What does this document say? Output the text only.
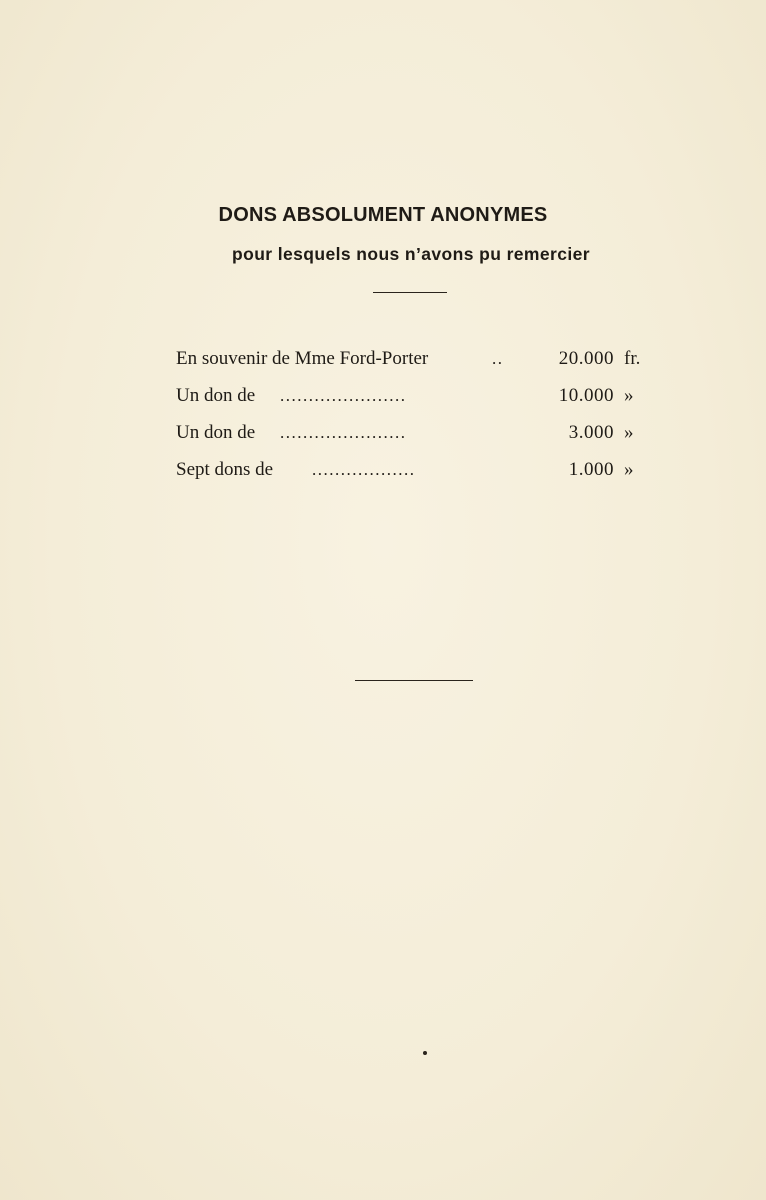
DONS ABSOLUMENT ANONYMES
pour lesquels nous n’avons pu remercier
En souvenir de Mme Ford-Porter	..	20.000 fr.
Un don de ......................	10.000 »
Un don de ......................	3.000 »
Sept dons de ..................	1.000 »
